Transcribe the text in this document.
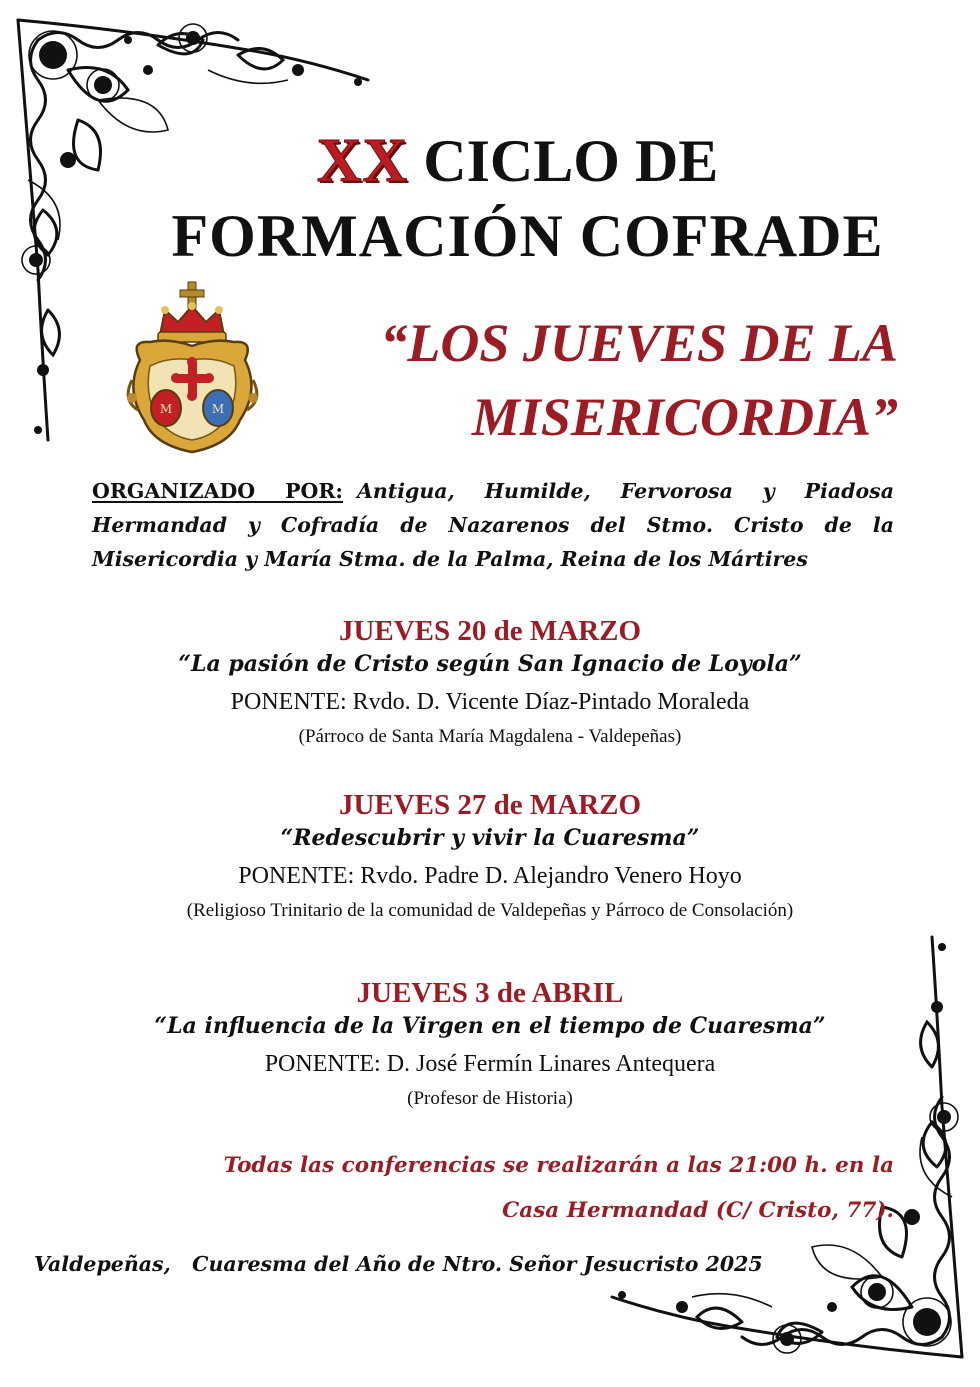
XX CICLO DE
FORMACIÓN COFRADE
M	M
“LOS JUEVES DE LA
MISERICORDIA”
ORGANIZADO POR: Antigua, Humilde, Fervorosa y Piadosa Hermandad y Cofradía de Nazarenos del Stmo. Cristo de la Misericordia y María Stma. de la Palma, Reina de los Mártires
JUEVES 20 de MARZO
“La pasión de Cristo según San Ignacio de Loyola”
PONENTE: Rvdo. D. Vicente Díaz-Pintado Moraleda
(Párroco de Santa María Magdalena - Valdepeñas)
JUEVES 27 de MARZO
“Redescubrir y vivir la Cuaresma”
PONENTE: Rvdo. Padre D. Alejandro Venero Hoyo
(Religioso Trinitario de la comunidad de Valdepeñas y Párroco de Consolación)
JUEVES 3 de ABRIL
“La influencia de la Virgen en el tiempo de Cuaresma”
PONENTE: D. José Fermín Linares Antequera
(Profesor de Historia)
Todas las conferencias se realizarán a las 21:00 h. en la
Casa Hermandad (C/ Cristo, 77).
Valdepeñas, Cuaresma del Año de Ntro. Señor Jesucristo 2025
